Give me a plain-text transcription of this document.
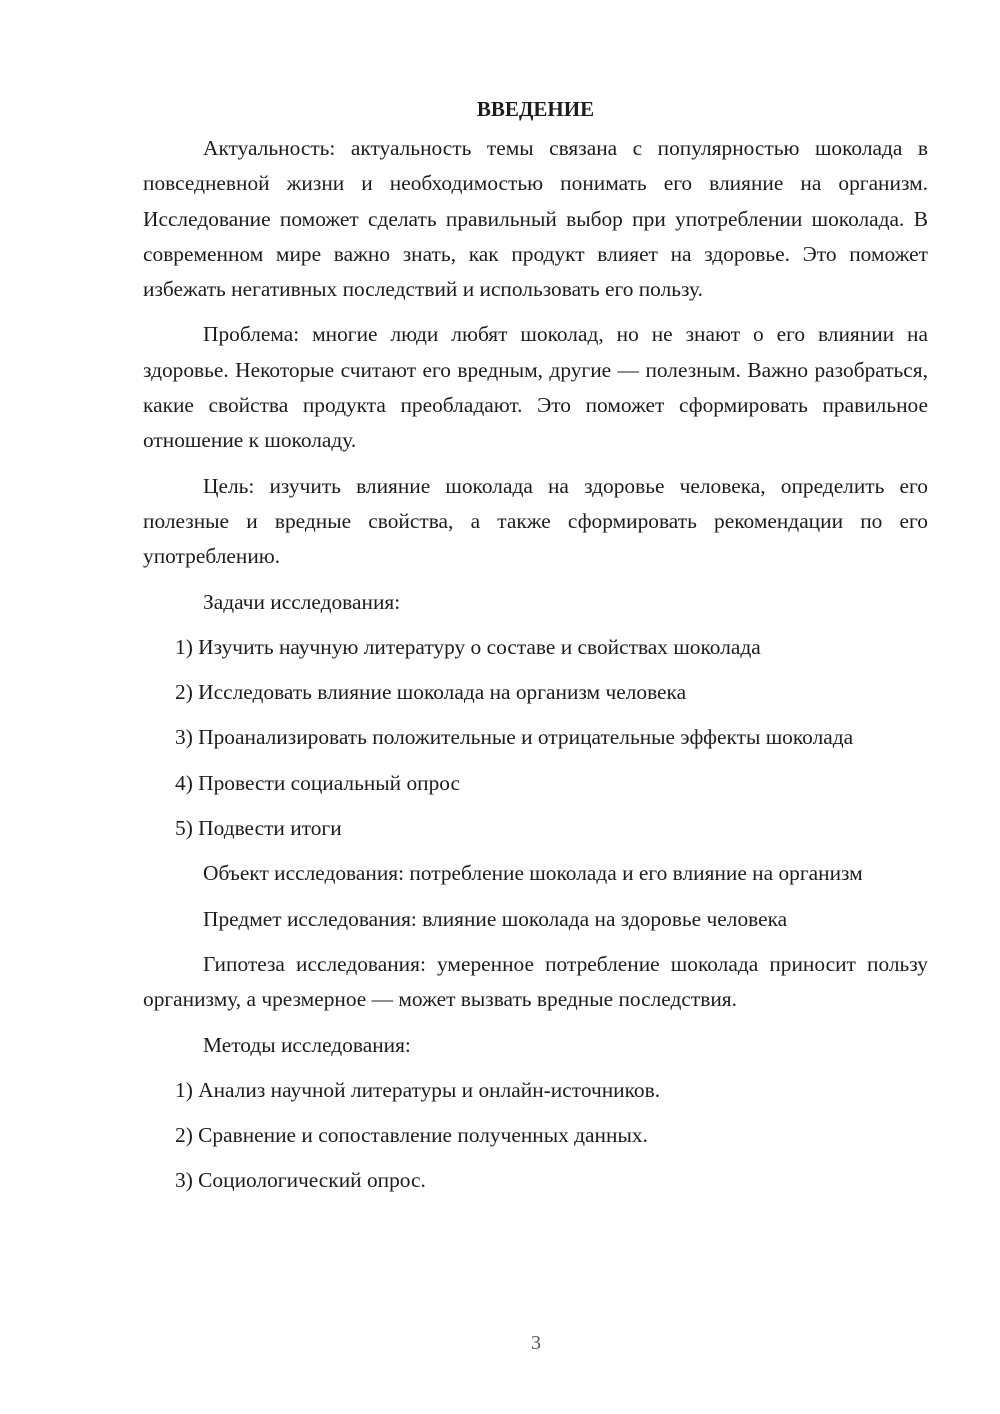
ВВЕДЕНИЕ

Актуальность: актуальность темы связана с популярностью шоколада в повседневной жизни и необходимостью понимать его влияние на организм. Исследование поможет сделать правильный выбор при употреблении шоколада. В современном мире важно знать, как продукт влияет на здоровье. Это поможет избежать негативных последствий и использовать его пользу.

Проблема: многие люди любят шоколад, но не знают о его влиянии на здоровье. Некоторые считают его вредным, другие — полезным. Важно разобраться, какие свойства продукта преобладают. Это поможет сформировать правильное отношение к шоколаду.

Цель: изучить влияние шоколада на здоровье человека, определить его полезные и вредные свойства, а также сформировать рекомендации по его употреблению.

Задачи исследования:

1) Изучить научную литературу о составе и свойствах шоколада

2) Исследовать влияние шоколада на организм человека

3) Проанализировать положительные и отрицательные эффекты шоколада

4) Провести социальный опрос

5) Подвести итоги

Объект исследования: потребление шоколада и его влияние на организм

Предмет исследования: влияние шоколада на здоровье человека

Гипотеза исследования: умеренное потребление шоколада приносит пользу организму, а чрезмерное — может вызвать вредные последствия.

Методы исследования:

1) Анализ научной литературы и онлайн-источников.

2) Сравнение и сопоставление полученных данных.

3) Социологический опрос.

3
